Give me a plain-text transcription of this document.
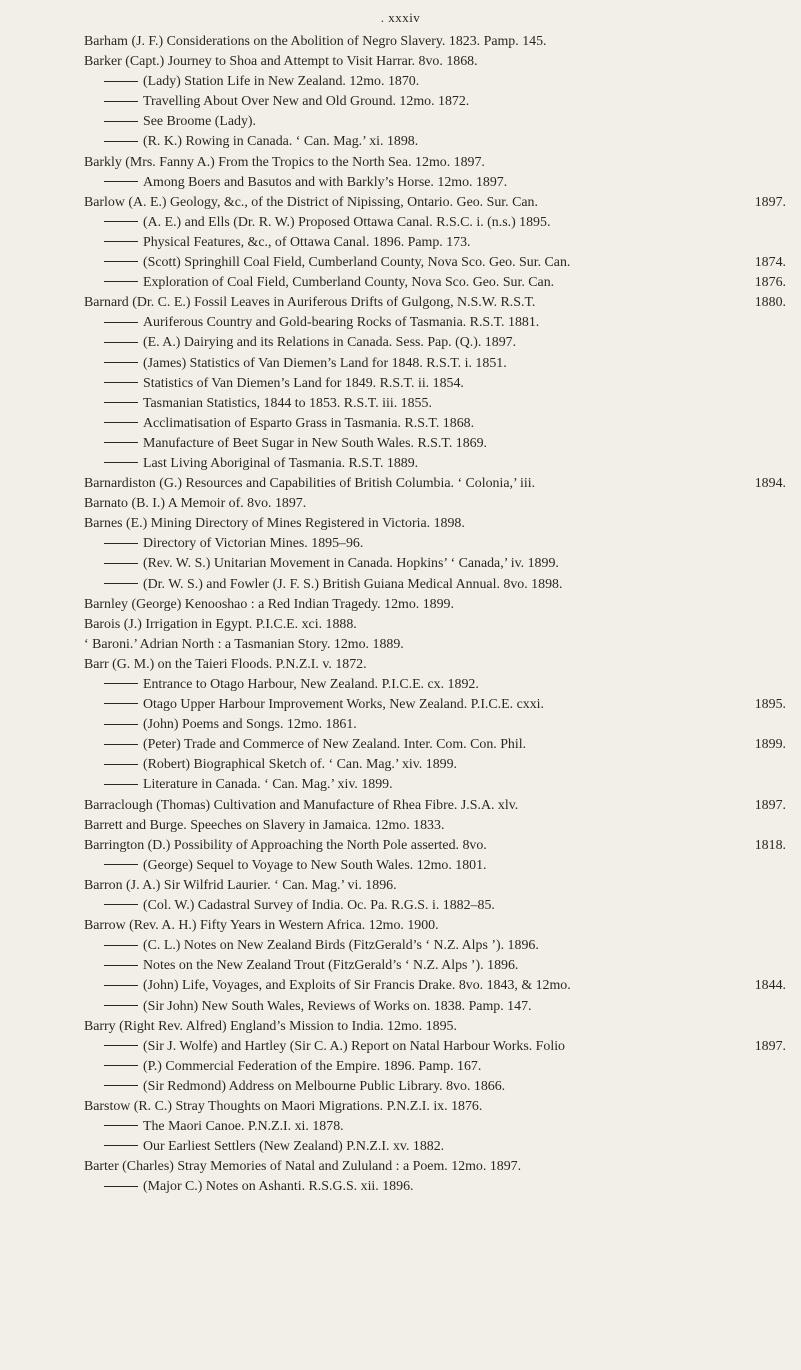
. xxxiv
Barham (J. F.) Considerations on the Abolition of Negro Slavery. 1823. Pamp. 145.
Barker (Capt.) Journey to Shoa and Attempt to Visit Harrar. 8vo. 1868.
(Lady) Station Life in New Zealand. 12mo. 1870.
Travelling About Over New and Old Ground. 12mo. 1872.
See Broome (Lady).
(R. K.) Rowing in Canada. ‘ Can. Mag.’ xi. 1898.
Barkly (Mrs. Fanny A.) From the Tropics to the North Sea. 12mo. 1897.
Among Boers and Basutos and with Barkly’s Horse. 12mo. 1897.
Barlow (A. E.) Geology, &c., of the District of Nipissing, Ontario. Geo. Sur. Can.	1897.
(A. E.) and Ells (Dr. R. W.) Proposed Ottawa Canal. R.S.C. i. (n.s.) 1895.
Physical Features, &c., of Ottawa Canal. 1896. Pamp. 173.
(Scott) Springhill Coal Field, Cumberland County, Nova Sco. Geo. Sur. Can.	1874.
Exploration of Coal Field, Cumberland County, Nova Sco. Geo. Sur. Can.	1876.
Barnard (Dr. C. E.) Fossil Leaves in Auriferous Drifts of Gulgong, N.S.W. R.S.T.	1880.
Auriferous Country and Gold-bearing Rocks of Tasmania. R.S.T. 1881.
(E. A.) Dairying and its Relations in Canada. Sess. Pap. (Q.). 1897.
(James) Statistics of Van Diemen’s Land for 1848. R.S.T. i. 1851.
Statistics of Van Diemen’s Land for 1849. R.S.T. ii. 1854.
Tasmanian Statistics, 1844 to 1853. R.S.T. iii. 1855.
Acclimatisation of Esparto Grass in Tasmania. R.S.T. 1868.
Manufacture of Beet Sugar in New South Wales. R.S.T. 1869.
Last Living Aboriginal of Tasmania. R.S.T. 1889.
Barnardiston (G.) Resources and Capabilities of British Columbia. ‘ Colonia,’ iii.	1894.
Barnato (B. I.) A Memoir of. 8vo. 1897.
Barnes (E.) Mining Directory of Mines Registered in Victoria. 1898.
Directory of Victorian Mines. 1895–96.
(Rev. W. S.) Unitarian Movement in Canada. Hopkins’ ‘ Canada,’ iv. 1899.
(Dr. W. S.) and Fowler (J. F. S.) British Guiana Medical Annual. 8vo. 1898.
Barnley (George) Kenooshao : a Red Indian Tragedy. 12mo. 1899.
Barois (J.) Irrigation in Egypt. P.I.C.E. xci. 1888.
‘ Baroni.’ Adrian North : a Tasmanian Story. 12mo. 1889.
Barr (G. M.) on the Taieri Floods. P.N.Z.I. v. 1872.
Entrance to Otago Harbour, New Zealand. P.I.C.E. cx. 1892.
Otago Upper Harbour Improvement Works, New Zealand. P.I.C.E. cxxi.	1895.
(John) Poems and Songs. 12mo. 1861.
(Peter) Trade and Commerce of New Zealand. Inter. Com. Con. Phil.	1899.
(Robert) Biographical Sketch of. ‘ Can. Mag.’ xiv. 1899.
Literature in Canada. ‘ Can. Mag.’ xiv. 1899.
Barraclough (Thomas) Cultivation and Manufacture of Rhea Fibre. J.S.A. xlv.	1897.
Barrett and Burge. Speeches on Slavery in Jamaica. 12mo. 1833.
Barrington (D.) Possibility of Approaching the North Pole asserted. 8vo.	1818.
(George) Sequel to Voyage to New South Wales. 12mo. 1801.
Barron (J. A.) Sir Wilfrid Laurier. ‘ Can. Mag.’ vi. 1896.
(Col. W.) Cadastral Survey of India. Oc. Pa. R.G.S. i. 1882–85.
Barrow (Rev. A. H.) Fifty Years in Western Africa. 12mo. 1900.
(C. L.) Notes on New Zealand Birds (FitzGerald’s ‘ N.Z. Alps ’). 1896.
Notes on the New Zealand Trout (FitzGerald’s ‘ N.Z. Alps ’). 1896.
(John) Life, Voyages, and Exploits of Sir Francis Drake. 8vo. 1843, & 12mo.	1844.
(Sir John) New South Wales, Reviews of Works on. 1838. Pamp. 147.
Barry (Right Rev. Alfred) England’s Mission to India. 12mo. 1895.
(Sir J. Wolfe) and Hartley (Sir C. A.) Report on Natal Harbour Works. Folio	1897.
(P.) Commercial Federation of the Empire. 1896. Pamp. 167.
(Sir Redmond) Address on Melbourne Public Library. 8vo. 1866.
Barstow (R. C.) Stray Thoughts on Maori Migrations. P.N.Z.I. ix. 1876.
The Maori Canoe. P.N.Z.I. xi. 1878.
Our Earliest Settlers (New Zealand) P.N.Z.I. xv. 1882.
Barter (Charles) Stray Memories of Natal and Zululand : a Poem. 12mo. 1897.
(Major C.) Notes on Ashanti. R.S.G.S. xii. 1896.
